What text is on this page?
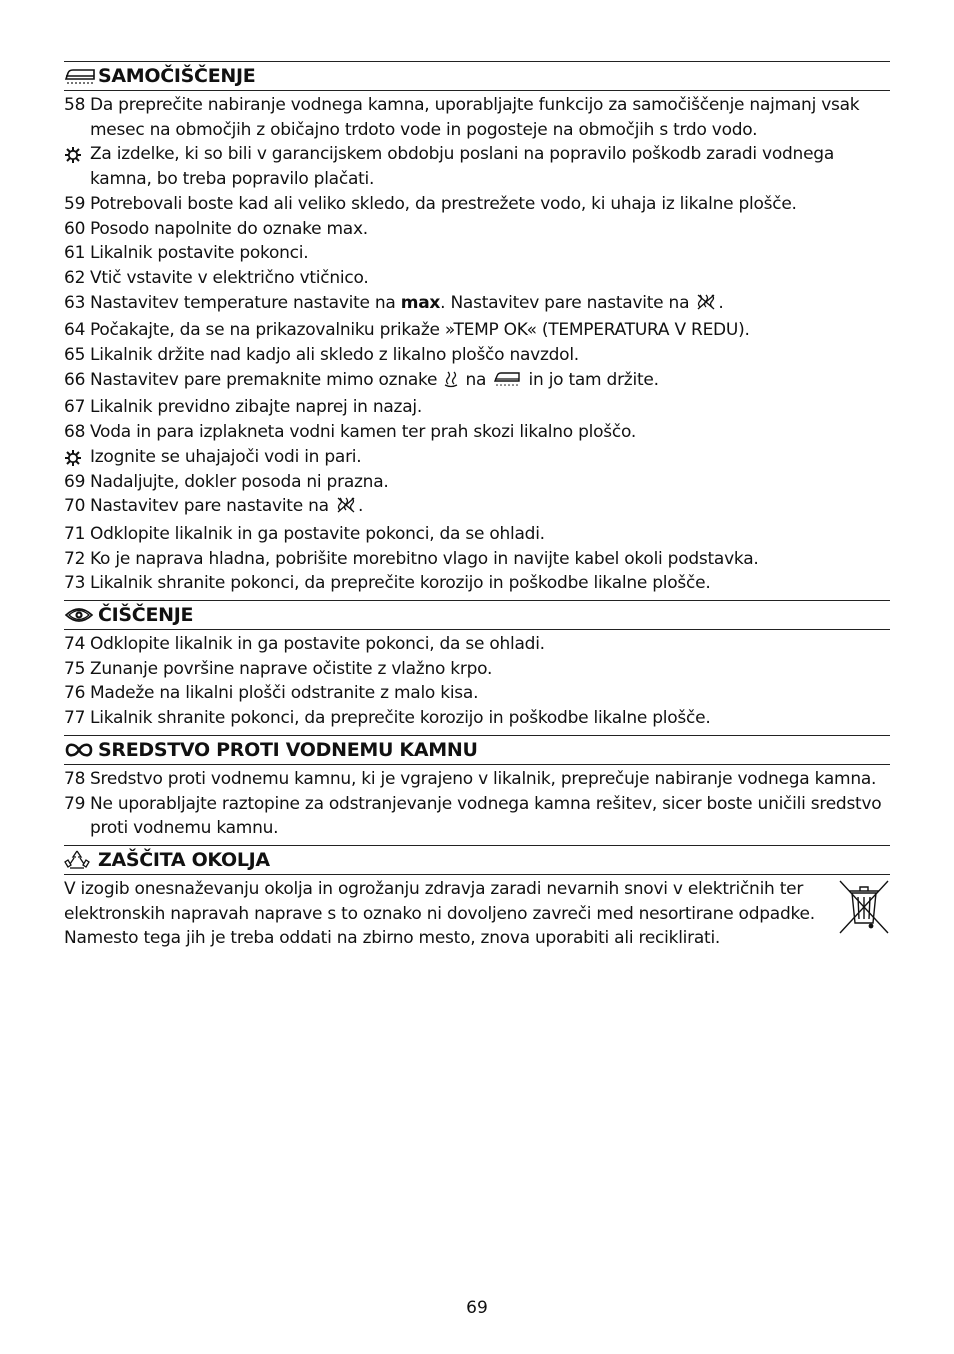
SAMOČIŠČENJE
58 Da preprečite nabiranje vodnega kamna, uporabljajte funkcijo za samočiščenje najmanj vsak mesec na območjih z običajno trdoto vode in pogosteje na območjih s trdo vodo.
Za izdelke, ki so bili v garancijskem obdobju poslani na popravilo poškodb zaradi vodnega kamna, bo treba popravilo plačati.
59 Potrebovali boste kad ali veliko skledo, da prestrežete vodo, ki uhaja iz likalne plošče.
60 Posodo napolnite do oznake max.
61 Likalnik postavite pokonci.
62 Vtič vstavite v električno vtičnico.
63 Nastavitev temperature nastavite na max. Nastavitev pare nastavite na .
64 Počakajte, da se na prikazovalniku prikaže »TEMP OK« (TEMPERATURA V REDU).
65 Likalnik držite nad kadjo ali skledo z likalno ploščo navzdol.
66 Nastavitev pare premaknite mimo oznake na in jo tam držite.
67 Likalnik previdno zibajte naprej in nazaj.
68 Voda in para izplakneta vodni kamen ter prah skozi likalno ploščo.
Izognite se uhajajoči vodi in pari.
69 Nadaljujte, dokler posoda ni prazna.
70 Nastavitev pare nastavite na .
71 Odklopite likalnik in ga postavite pokonci, da se ohladi.
72 Ko je naprava hladna, pobrišite morebitno vlago in navijte kabel okoli podstavka.
73 Likalnik shranite pokonci, da preprečite korozijo in poškodbe likalne plošče.
ČIŠČENJE
74 Odklopite likalnik in ga postavite pokonci, da se ohladi.
75 Zunanje površine naprave očistite z vlažno krpo.
76 Madeže na likalni plošči odstranite z malo kisa.
77 Likalnik shranite pokonci, da preprečite korozijo in poškodbe likalne plošče.
SREDSTVO PROTI VODNEMU KAMNU
78 Sredstvo proti vodnemu kamnu, ki je vgrajeno v likalnik, preprečuje nabiranje vodnega kamna.
79 Ne uporabljajte raztopine za odstranjevanje vodnega kamna rešitev, sicer boste uničili sredstvo proti vodnemu kamnu.
ZAŠČITA OKOLJA
V izogib onesnaževanju okolja in ogrožanju zdravja zaradi nevarnih snovi v električnih ter elektronskih napravah naprave s to oznako ni dovoljeno zavreči med nesortirane odpadke. Namesto tega jih je treba oddati na zbirno mesto, znova uporabiti ali reciklirati.
69
